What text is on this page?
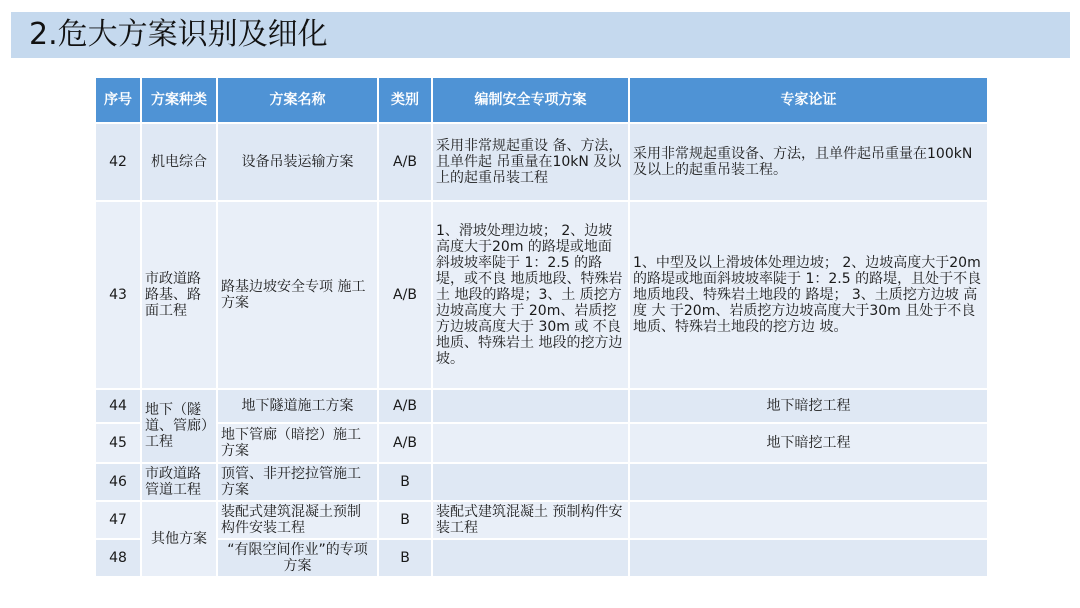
2.危大方案识别及细化
序号	方案种类	方案名称	类别	编制安全专项方案	专家论证
42	机电综合	设备吊装运输方案	A/B	采用非常规起重设 备、方法，且单件起 吊重量在10kN 及以上的起重吊装工程	采用非常规起重设备、方法，且单件起吊重量在100kN及以上的起重吊装工程。
43	市政道路路基、路面工程	路基边坡安全专项 施工方案	A/B	1、滑坡处理边坡； 2、边坡高度大于20m 的路堤或地面 斜坡坡率陡于 1：2.5 的路堤，或不良 地质地段、特殊岩土 地段的路堤；3、土 质挖方边坡高度大 于 20m、岩质挖方边坡高度大于 30m 或 不良地质、特殊岩土 地段的挖方边坡。	1、中型及以上滑坡体处理边坡； 2、边坡高度大于20m的路堤或地面斜坡坡率陡于 1：2.5 的路堤，且处于不良地质地段、特殊岩土地段的 路堤； 3、土质挖方边坡 高 度 大 于20m、岩质挖方边坡高度大于30m 且处于不良地质、特殊岩土地段的挖方边 坡。
44	地下（隧道、管廊）工程	地下隧道施工方案	A/B		地下暗挖工程
45		地下管廊（暗挖）施工方案	A/B		地下暗挖工程
46	市政道路管道工程	顶管、非开挖拉管施工方案	B		
47	其他方案	装配式建筑混凝土预制构件安装工程	B	装配式建筑混凝土 预制构件安装工程	
48		“有限空间作业”的专项方案	B		
